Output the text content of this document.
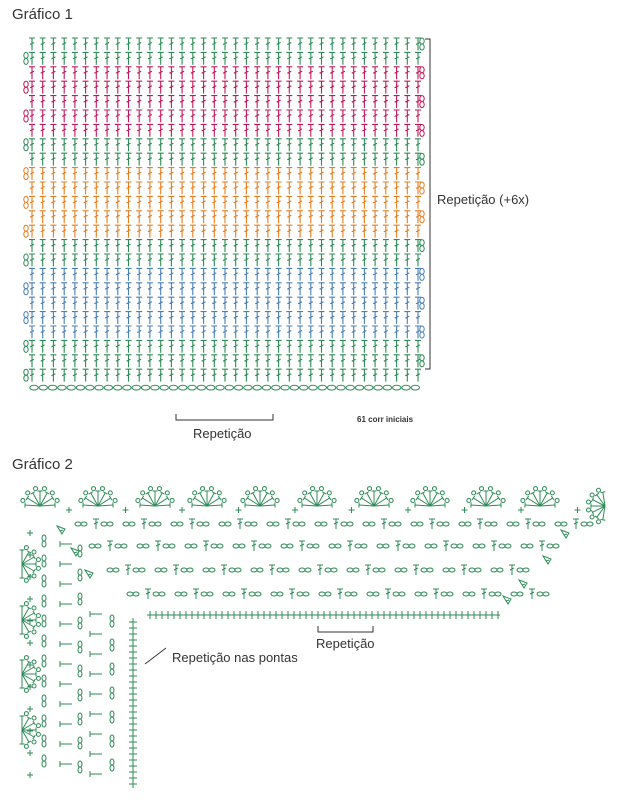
Gráfico 1
Repetição (+6x)
Repetição
61 corr iniciais
Gráfico 2
Repetição
Repetição nas pontas
